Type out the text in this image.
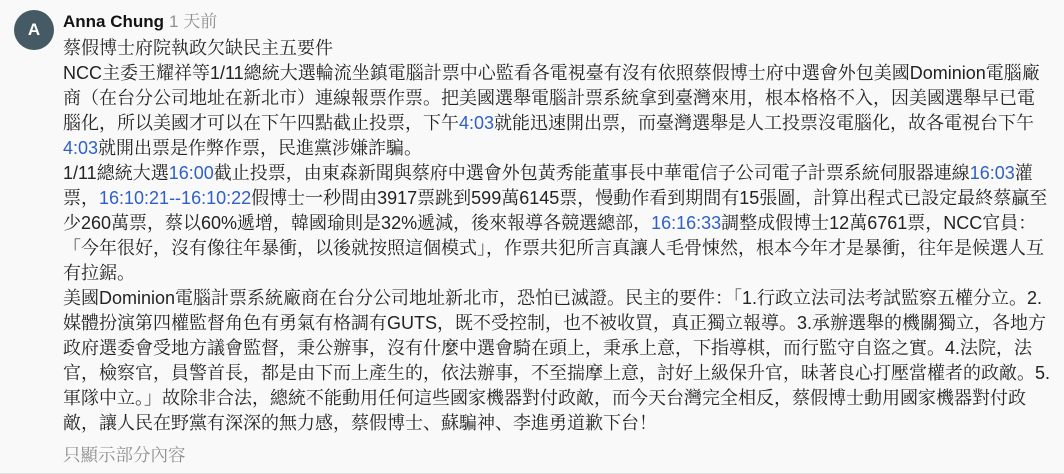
A Anna Chung 1 天前
蔡假博士府院執政欠缺民主五要件
NCC主委王耀祥等1/11總統大選輪流坐鎮電腦計票中心監看各電視臺有沒有依照蔡假博士府中選會外包美國Dominion電腦廠商（在台分公司地址在新北市）連線報票作票。把美國選舉電腦計票系統拿到臺灣來用，根本格格不入，因美國選舉早已電腦化，所以美國才可以在下午四點截止投票，下午4:03就能迅速開出票，而臺灣選舉是人工投票沒電腦化，故各電視台下午4:03就開出票是作弊作票，民進黨涉嫌詐騙。
1/11總統大選16:00截止投票，由東森新聞與蔡府中選會外包黃秀能董事長中華電信子公司電子計票系統伺服器連線16:03灌票，16:10:21--16:10:22假博士一秒間由3917票跳到599萬6145票，慢動作看到期間有15張圖，計算出程式已設定最終蔡贏至少260萬票，蔡以60%遞增，韓國瑜則是32%遞減，後來報導各競選總部，16:16:33調整成假博士12萬6761票，NCC官員：「今年很好，沒有像往年暴衝，以後就按照這個模式」，作票共犯所言真讓人毛骨悚然，根本今年才是暴衝，往年是候選人互有拉鋸。
美國Dominion電腦計票系統廠商在台分公司地址新北市，恐怕已滅證。民主的要件：「1.行政立法司法考試監察五權分立。2.媒體扮演第四權監督角色有勇氣有格調有GUTS，既不受控制，也不被收買，真正獨立報導。3.承辦選舉的機關獨立，各地方政府選委會受地方議會監督，秉公辦事，沒有什麼中選會騎在頭上，秉承上意，下指導棋，而行監守自盜之實。4.法院，法官，檢察官，員警首長，都是由下而上產生的，依法辦事，不至揣摩上意，討好上級保升官，昧著良心打壓當權者的政敵。5.軍隊中立。」故除非合法，總統不能動用任何這些國家機器對付政敵，而今天台灣完全相反，蔡假博士動用國家機器對付政敵，讓人民在野黨有深深的無力感，蔡假博士、蘇騙神、李進勇道歉下台！
只顯示部分內容
